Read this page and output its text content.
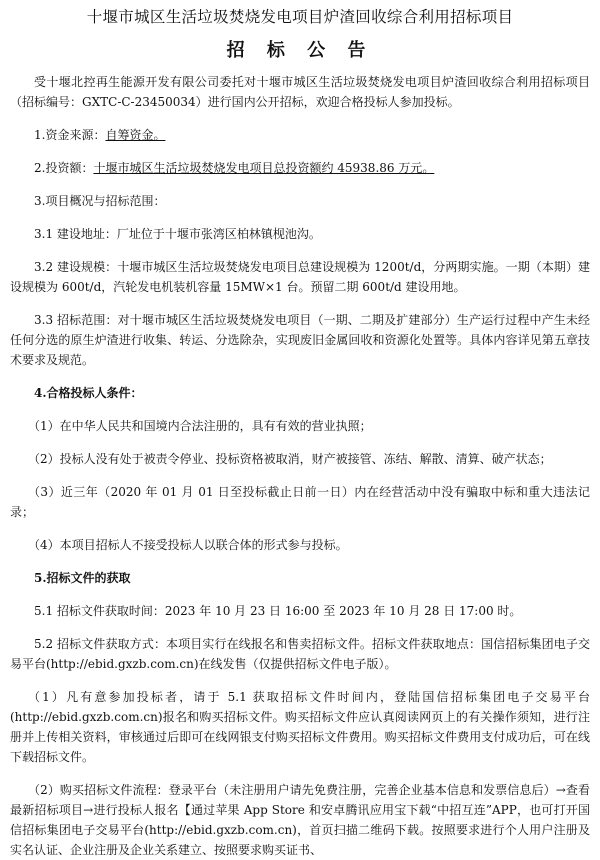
十堰市城区生活垃圾焚烧发电项目炉渣回收综合利用招标项目
招 标 公 告

受十堰北控再生能源开发有限公司委托对十堰市城区生活垃圾焚烧发电项目炉渣回收综合利用招标项目（招标编号：GXTC-C-23450034）进行国内公开招标，欢迎合格投标人参加投标。

1.资金来源：自筹资金。

2.投资额：十堰市城区生活垃圾焚烧发电项目总投资额约 45938.86 万元。

3.项目概况与招标范围：

3.1 建设地址：厂址位于十堰市张湾区柏林镇枧池沟。

3.2 建设规模：十堰市城区生活垃圾焚烧发电项目总建设规模为 1200t/d，分两期实施。一期（本期）建设规模为 600t/d，汽轮发电机装机容量 15MW×1 台。预留二期 600t/d 建设用地。

3.3 招标范围：对十堰市城区生活垃圾焚烧发电项目（一期、二期及扩建部分）生产运行过程中产生未经任何分选的原生炉渣进行收集、转运、分选除杂，实现废旧金属回收和资源化处置等。具体内容详见第五章技术要求及规范。

4.合格投标人条件：

（1）在中华人民共和国境内合法注册的，具有有效的营业执照；

（2）投标人没有处于被责令停业、投标资格被取消，财产被接管、冻结、解散、清算、破产状态；

（3）近三年（2020 年 01 月 01 日至投标截止日前一日）内在经营活动中没有骗取中标和重大违法记录；

（4）本项目招标人不接受投标人以联合体的形式参与投标。

5.招标文件的获取

5.1 招标文件获取时间：2023 年 10 月 23 日 16:00 至 2023 年 10 月 28 日 17:00 时。

5.2 招标文件获取方式：本项目实行在线报名和售卖招标文件。招标文件获取地点：国信招标集团电子交易平台(http://ebid.gxzb.com.cn)在线发售（仅提供招标文件电子版）。

（1）凡有意参加投标者，请于 5.1 获取招标文件时间内，登陆国信招标集团电子交易平台(http://ebid.gxzb.com.cn)报名和购买招标文件。购买招标文件应认真阅读网页上的有关操作须知，进行注册并上传相关资料，审核通过后即可在线网银支付购买招标文件费用。购买招标文件费用支付成功后，可在线下载招标文件。

（2）购买招标文件流程：登录平台（未注册用户请先免费注册，完善企业基本信息和发票信息后）→查看最新招标项目→进行投标人报名【通过苹果 App Store 和安卓腾讯应用宝下载“中招互连”APP，也可打开国信招标集团电子交易平台(http://ebid.gxzb.com.cn)，首页扫描二维码下载。按照要求进行个人用户注册及实名认证、企业注册及企业关系建立、按照要求购买证书、
